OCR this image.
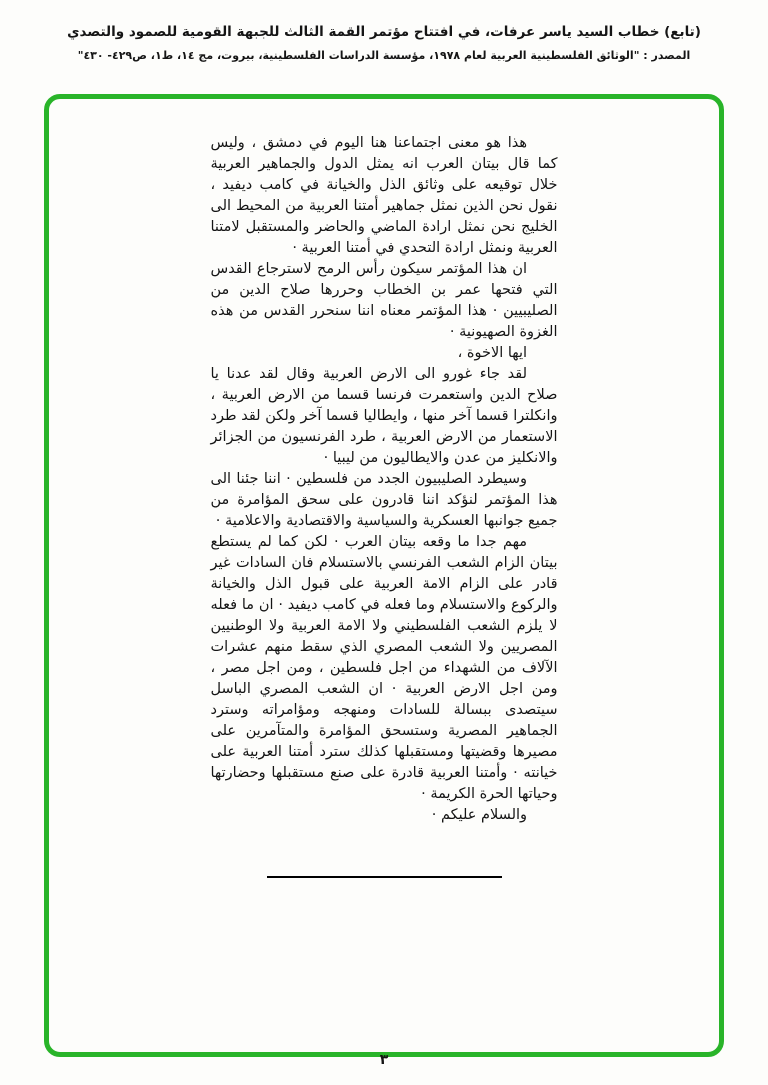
(تابع) خطاب السيد ياسر عرفات، في افتتاح مؤتمر القمة الثالث للجبهة القومية للصمود والتصدي
المصدر : "الوثائق الفلسطينية العربية لعام ١٩٧٨، مؤسسة الدراسات الفلسطينية، بيروت، مج ١٤، ط١، ص٤٢٩- ٤٣٠"

هذا هو معنى اجتماعنا هنا اليوم في دمشق ، وليس كما قال بيتان العرب انه يمثل الدول والجماهير العربية خلال توقيعه على وثائق الذل والخيانة في كامب ديفيد ، نقول نحن الذين نمثل جماهير أمتنا العربية من المحيط الى الخليج نحن نمثل ارادة الماضي والحاضر والمستقبل لامتنا العربية ونمثل ارادة التحدي في أمتنا العربية ·

ان هذا المؤتمر سيكون رأس الرمح لاسترجاع القدس التي فتحها عمر بن الخطاب وحررها صلاح الدين من الصليبيين · هذا المؤتمر معناه اننا سنحرر القدس من هذه الغزوة الصهيونية ·

ايها الاخوة ،

لقد جاء غورو الى الارض العربية وقال لقد عدنا يا صلاح الدين واستعمرت فرنسا قسما من الارض العربية ، وانكلترا قسما آخر منها ، وايطاليا قسما آخر ولكن لقد طرد الاستعمار من الارض العربية ، طرد الفرنسيون من الجزائر والانكليز من عدن والايطاليون من ليبيا ·

وسيطرد الصليبيون الجدد من فلسطين · اننا جئنا الى هذا المؤتمر لنؤكد اننا قادرون على سحق المؤامرة من جميع جوانبها العسكرية والسياسية والاقتصادية والاعلامية ·

مهم جدا ما وقعه بيتان العرب · لكن كما لم يستطع بيتان الزام الشعب الفرنسي بالاستسلام فان السادات غير قادر على الزام الامة العربية على قبول الذل والخيانة والركوع والاستسلام وما فعله في كامب ديفيد · ان ما فعله لا يلزم الشعب الفلسطيني ولا الامة العربية ولا الوطنيين المصريين ولا الشعب المصري الذي سقط منهم عشرات الآلاف من الشهداء من اجل فلسطين ، ومن اجل مصر ، ومن اجل الارض العربية · ان الشعب المصري الباسل سيتصدى ببسالة للسادات ومنهجه ومؤامراته وسترد الجماهير المصرية وستسحق المؤامرة والمتآمرين على مصيرها وقضيتها ومستقبلها كذلك سترد أمتنا العربية على خيانته · وأمتنا العربية قادرة على صنع مستقبلها وحضارتها وحياتها الحرة الكريمة ·

والسلام عليكم ·

٣
